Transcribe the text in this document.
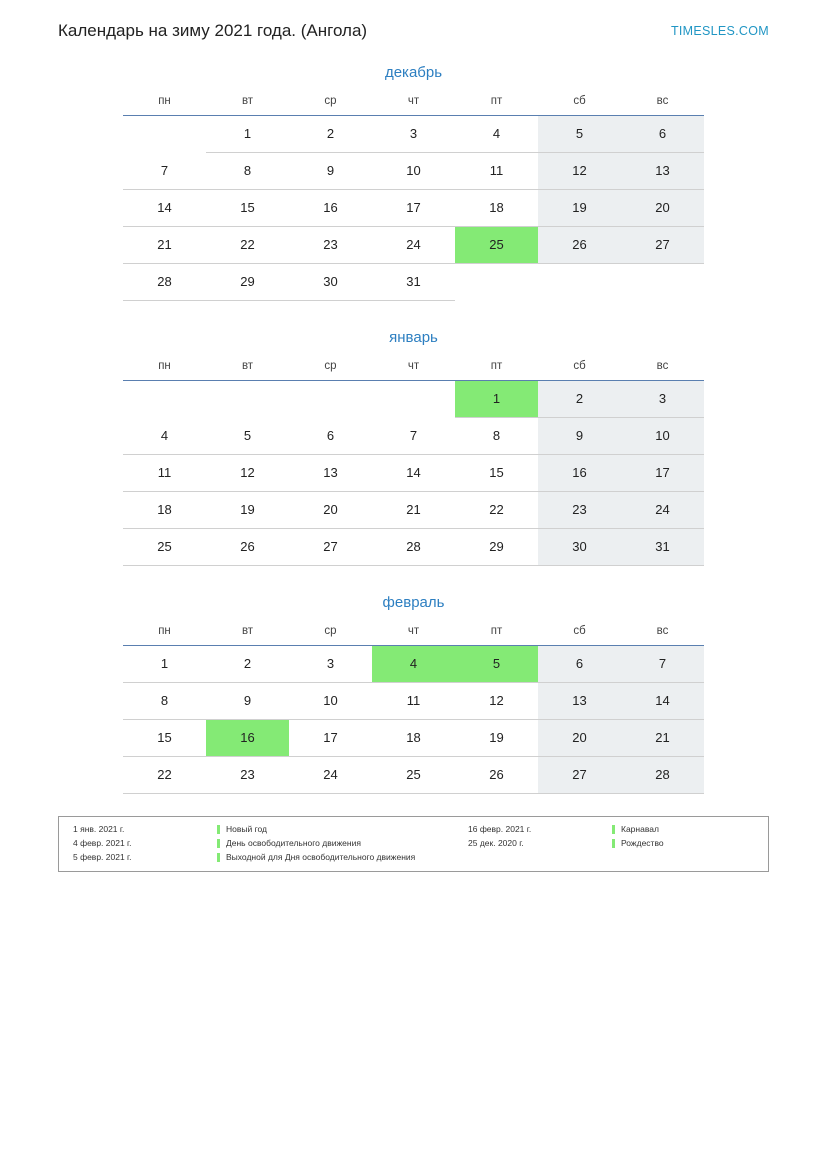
Календарь на зиму 2021 года. (Ангола)	TIMESLES.COM
декабрь
пн	вт	ср	чт	пт	сб	вс

	1	2	3	4	5	6

7	8	9	10	11	12	13

14	15	16	17	18	19	20

21	22	23	24	25	26	27

28	29	30	31			

январь
пн	вт	ср	чт	пт	сб	вс

				1	2	3

4	5	6	7	8	9	10

11	12	13	14	15	16	17

18	19	20	21	22	23	24

25	26	27	28	29	30	31
февраль
пн	вт	ср	чт	пт	сб	вс

1	2	3	4	5	6	7

8	9	10	11	12	13	14

15	16	17	18	19	20	21

22	23	24	25	26	27	28
1 янв. 2021 г.	Новый год
4 февр. 2021 г.	День освободительного движения
5 февр. 2021 г.	Выходной для Дня освободительного движения
16 февр. 2021 г.	Карнавал
25 дек. 2020 г.	Рождество
